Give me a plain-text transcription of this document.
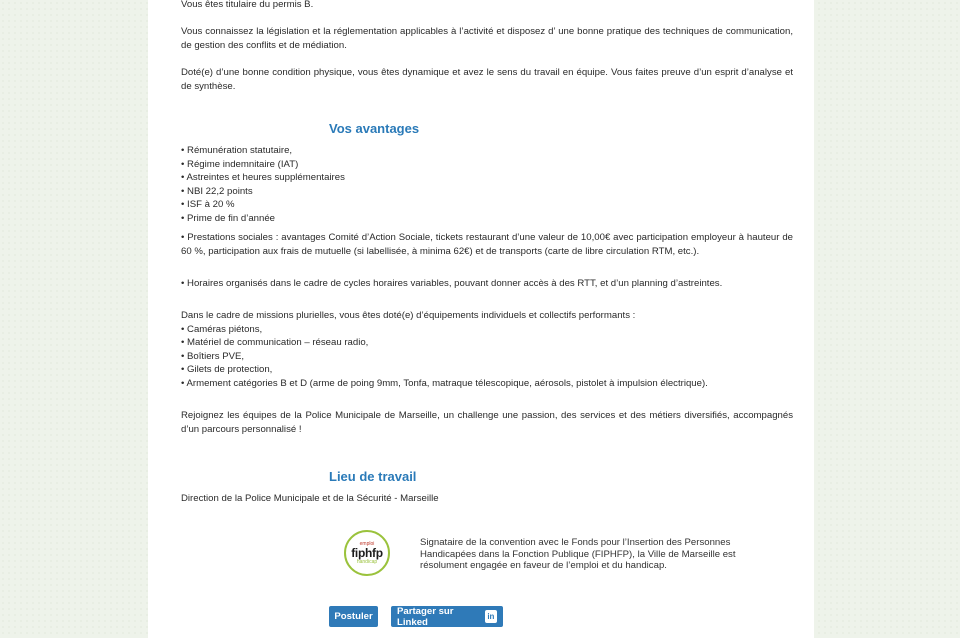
Vous êtes titulaire du permis B.

Vous connaissez la législation et la réglementation applicables à l’activité et disposez d’ une bonne pratique des techniques de communication, de gestion des conflits et de médiation.

Doté(e) d’une bonne condition physique, vous êtes dynamique et avez le sens du travail en équipe. Vous faites preuve d’un esprit d’analyse et de synthèse.

Vos avantages
• Rémunération statutaire,
• Régime indemnitaire (IAT)
• Astreintes et heures supplémentaires
• NBI 22,2 points
• ISF à 20 %
• Prime de fin d’année

• Prestations sociales : avantages Comité d’Action Sociale, tickets restaurant d’une valeur de 10,00€ avec participation employeur à hauteur de 60 %, participation aux frais de mutuelle (si labellisée, à minima 62€) et de transports (carte de libre circulation RTM, etc.).

• Horaires organisés dans le cadre de cycles horaires variables, pouvant donner accès à des RTT, et d’un planning d’astreintes.

Dans le cadre de missions plurielles, vous êtes doté(e) d’équipements individuels et collectifs performants :
• Caméras piétons,
• Matériel de communication – réseau radio,
• Boîtiers PVE,
• Gilets de protection,
• Armement catégories B et D (arme de poing 9mm, Tonfa, matraque télescopique, aérosols, pistolet à impulsion électrique).

Rejoignez les équipes de la Police Municipale de Marseille, un challenge une passion, des services et des métiers diversifiés, accompagnés d’un parcours personnalisé !

Lieu de travail

Direction de la Police Municipale et de la Sécurité - Marseille

emploi
fiphfp
handicap

Signataire de la convention avec le Fonds pour l’Insertion des Personnes Handicapées dans la Fonction Publique (FIPHFP), la Ville de Marseille est résolument engagée en faveur de l’emploi et du handicap.

Postuler	Partager sur Linked	in
